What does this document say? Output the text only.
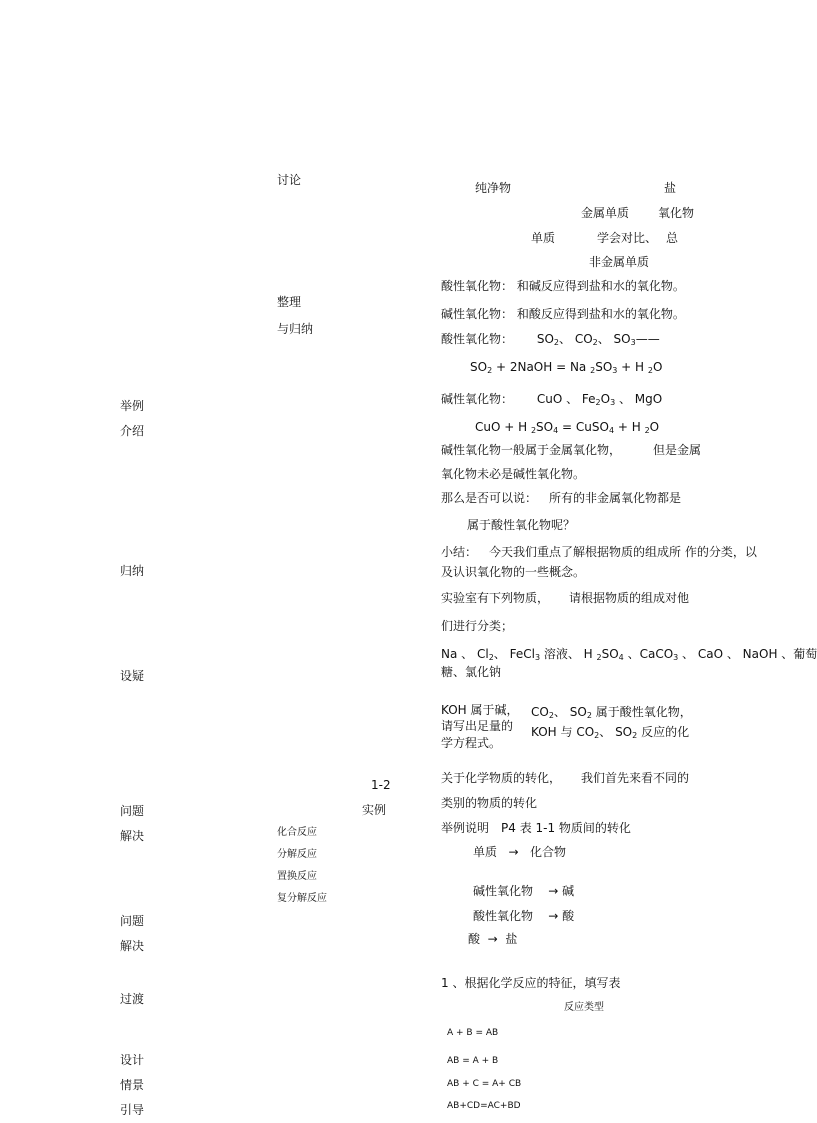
举例
介绍
归纳
设疑
问题
解决
问题
解决
过渡
设计
情景
引导
讨论
整理
与归纳
1-2
实例
化合反应
分解反应
置换反应
复分解反应
纯净物	盐
金属单质 氧化物
单质	学会对比、 总
非金属单质
酸性氧化物： 和碱反应得到盐和水的氧化物。
碱性氧化物： 和酸反应得到盐和水的氧化物。
酸性氧化物： $SO_2$、 $CO_2$、 $SO_3——$
$SO_2$ + 2NaOH = Na $_2SO_3 + H$ $_2$O
碱性氧化物： CuO 、 $Fe_2O_3$ 、 MgO
CuO + H $_2SO_4$ = CuSO$_4$ + H $_2$O
碱性氧化物一般属于金属氧化物，	但是金属
氧化物未必是碱性氧化物。
那么是否可以说： 所有的非金属氧化物都是
属于酸性氧化物呢？
小结： 今天我们重点了解根据物质的组成所 作的分类，以
及认识氧化物的一些概念。
实验室有下列物质， 请根据物质的组成对他
们进行分类；
Na 、 $Cl_2$、 FeCl$_3$ 溶液、 H $_2SO_4$ 、CaCO$_3$ 、 CaO 、 NaOH 、葡萄
糖、氯化钠
KOH 属于碱，
请写出足量的
学方程式。
$CO_2$、 $SO_2$ 属于酸性氧化物，
KOH 与 $CO_2$、 $SO_2$ 反应的化
关于化学物质的转化， 我们首先来看不同的
类别的物质的转化
举例说明 P4 表 1-1 物质间的转化
单质 → 化合物
碱性氧化物 → 碱
酸性氧化物 → 酸
酸 → 盐
1 、根据化学反应的特征，填写表
反应类型
A + B = AB
AB = A + B
AB + C = A+ CB
AB+CD=AC+BD
